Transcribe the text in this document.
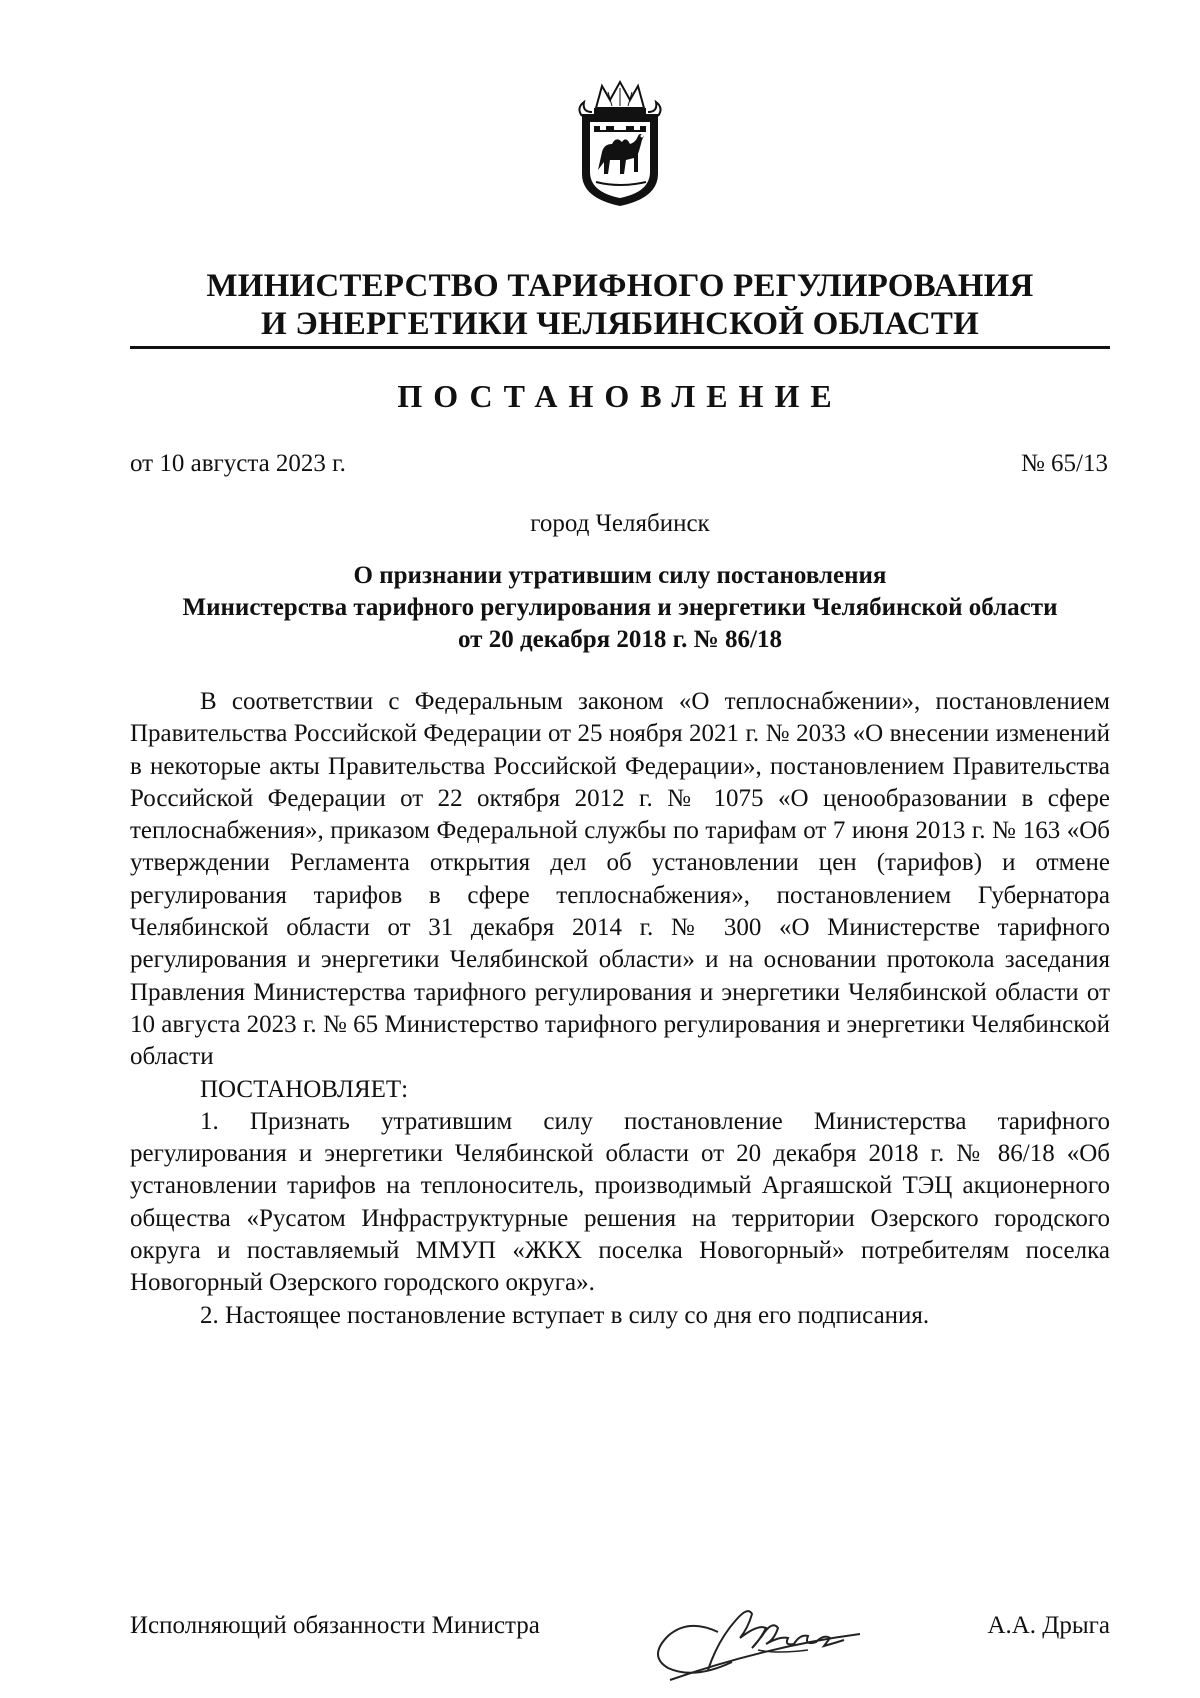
МИНИСТЕРСТВО ТАРИФНОГО РЕГУЛИРОВАНИЯ
И ЭНЕРГЕТИКИ ЧЕЛЯБИНСКОЙ ОБЛАСТИ
ПОСТАНОВЛЕНИЕ
от 10 августа 2023 г.	№ 65/13
город Челябинск
О признании утратившим силу постановления
Министерства тарифного регулирования и энергетики Челябинской области
от 20 декабря 2018 г. № 86/18

В соответствии с Федеральным законом «О теплоснабжении», постановлением Правительства Российской Федерации от 25 ноября 2021 г. № 2033 «О внесении изменений в некоторые акты Правительства Российской Федерации», постановлением Правительства Российской Федерации от 22 октября 2012 г. № 1075 «О ценообразовании в сфере теплоснабжения», приказом Федеральной службы по тарифам от 7 июня 2013 г. № 163 «Об утверждении Регламента открытия дел об установлении цен (тарифов) и отмене регулирования тарифов в сфере теплоснабжения», постановлением Губернатора Челябинской области от 31 декабря 2014 г. № 300 «О Министерстве тарифного регулирования и энергетики Челябинской области» и на основании протокола заседания Правления Министерства тарифного регулирования и энергетики Челябинской области от 10 августа 2023 г. № 65 Министерство тарифного регулирования и энергетики Челябинской области

ПОСТАНОВЛЯЕТ:

1. Признать утратившим силу постановление Министерства тарифного регулирования и энергетики Челябинской области от 20 декабря 2018 г. № 86/18 «Об установлении тарифов на теплоноситель, производимый Аргаяшской ТЭЦ акционерного общества «Русатом Инфраструктурные решения на территории Озерского городского округа и поставляемый ММУП «ЖКХ поселка Новогорный» потребителям поселка Новогорный Озерского городского округа».

2. Настоящее постановление вступает в силу со дня его подписания.

Исполняющий обязанности Министра	А.А. Дрыга
